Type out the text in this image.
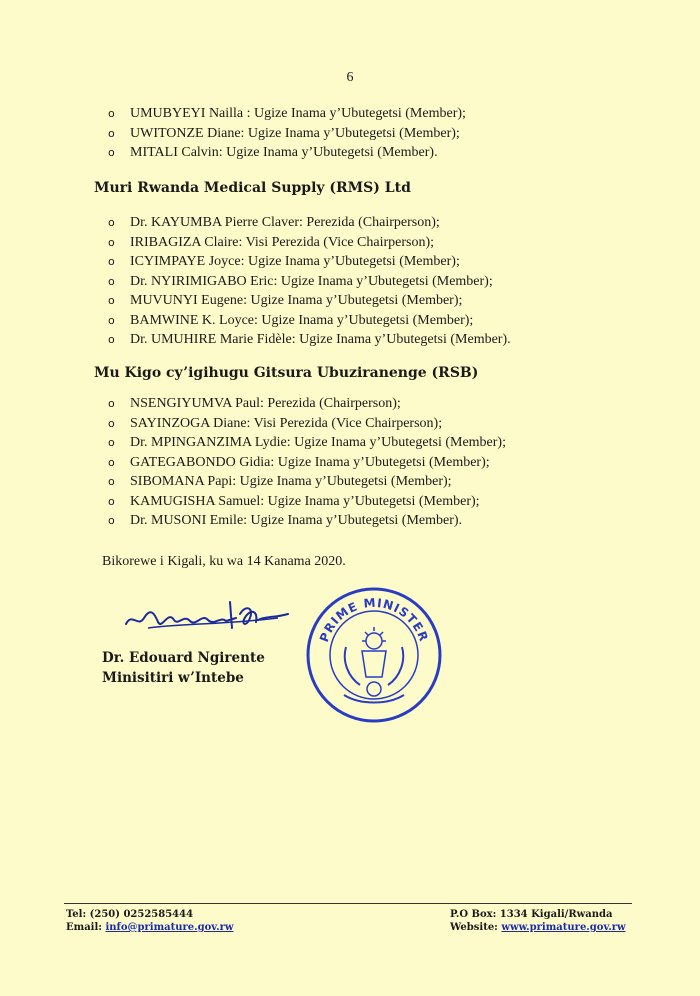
6
o UMUBYEYI Nailla : Ugize Inama y’Ubutegetsi (Member);
o UWITONZE Diane: Ugize Inama y’Ubutegetsi (Member);
o MITALI Calvin: Ugize Inama y’Ubutegetsi (Member).
Muri Rwanda Medical Supply (RMS) Ltd
o Dr. KAYUMBA Pierre Claver: Perezida (Chairperson);
o IRIBAGIZA Claire: Visi Perezida (Vice Chairperson);
o ICYIMPAYE Joyce: Ugize Inama y’Ubutegetsi (Member);
o Dr. NYIRIMIGABO Eric: Ugize Inama y’Ubutegetsi (Member);
o MUVUNYI Eugene: Ugize Inama y’Ubutegetsi (Member);
o BAMWINE K. Loyce: Ugize Inama y’Ubutegetsi (Member);
o Dr. UMUHIRE Marie Fidèle: Ugize Inama y’Ubutegetsi (Member).
Mu Kigo cy’igihugu Gitsura Ubuziranenge (RSB)
o NSENGIYUMVA Paul: Perezida (Chairperson);
o SAYINZOGA Diane: Visi Perezida (Vice Chairperson);
o Dr. MPINGANZIMA Lydie: Ugize Inama y’Ubutegetsi (Member);
o GATEGABONDO Gidia: Ugize Inama y’Ubutegetsi (Member);
o SIBOMANA Papi: Ugize Inama y’Ubutegetsi (Member);
o KAMUGISHA Samuel: Ugize Inama y’Ubutegetsi (Member);
o Dr. MUSONI Emile: Ugize Inama y’Ubutegetsi (Member).
Bikorewe i Kigali, ku wa 14 Kanama 2020.
Dr. Edouard Ngirente
Minisitiri w’Intebe
PRIME MINISTER
Tel: (250) 0252585444
Email: info@primature.gov.rw
P.O Box: 1334 Kigali/Rwanda
Website: www.primature.gov.rw
